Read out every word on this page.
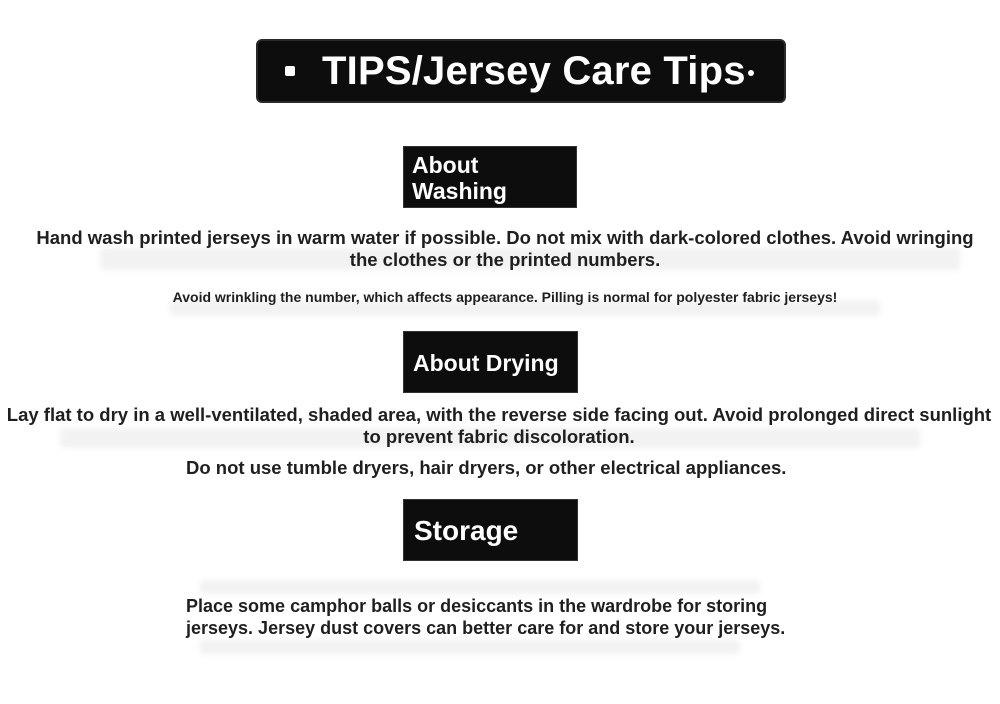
TIPS/Jersey Care Tips
About Washing
Hand wash printed jerseys in warm water if possible. Do not mix with dark-colored clothes. Avoid wringing the clothes or the printed numbers.
Avoid wrinkling the number, which affects appearance. Pilling is normal for polyester fabric jerseys!
About Drying
Lay flat to dry in a well-ventilated, shaded area, with the reverse side facing out. Avoid prolonged direct sunlight to prevent fabric discoloration.
Do not use tumble dryers, hair dryers, or other electrical appliances.
Storage
Place some camphor balls or desiccants in the wardrobe for storing jerseys. Jersey dust covers can better care for and store your jerseys.
